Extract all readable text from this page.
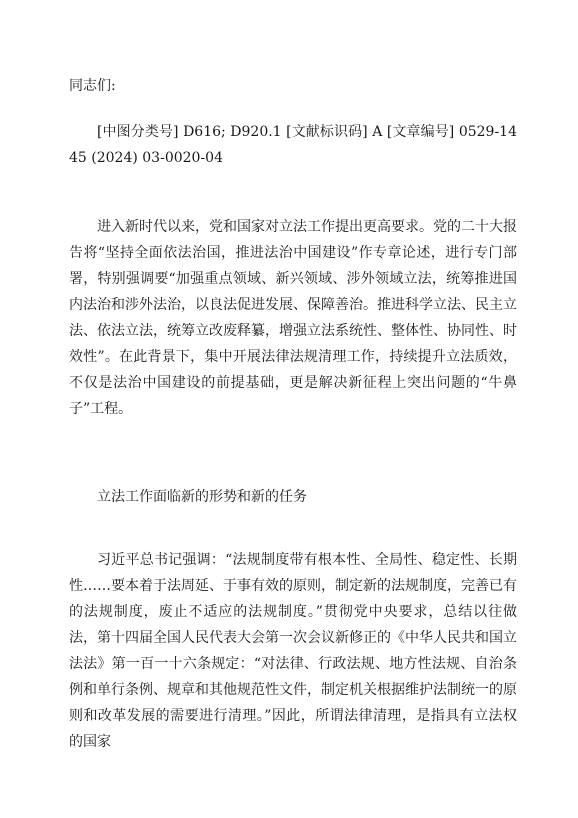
同志们:

[中图分类号] D616; D920.1 [文献标识码] A [文章编号] 0529-1445 (2024) 03-0020-04

进入新时代以来，党和国家对立法工作提出更高要求。党的二十大报告将“坚持全面依法治国，推进法治中国建设”作专章论述，进行专门部署，特别强调要“加强重点领域、新兴领域、涉外领域立法，统筹推进国内法治和涉外法治，以良法促进发展、保障善治。推进科学立法、民主立法、依法立法，统筹立改废释纂，增强立法系统性、整体性、协同性、时效性”。在此背景下，集中开展法律法规清理工作，持续提升立法质效，不仅是法治中国建设的前提基础，更是解决新征程上突出问题的“牛鼻子”工程。

立法工作面临新的形势和新的任务

习近平总书记强调：“法规制度带有根本性、全局性、稳定性、长期性……要本着于法周延、于事有效的原则，制定新的法规制度，完善已有的法规制度，废止不适应的法规制度。”贯彻党中央要求，总结以往做法，第十四届全国人民代表大会第一次会议新修正的《中华人民共和国立法法》第一百一十六条规定：“对法律、行政法规、地方性法规、自治条例和单行条例、规章和其他规范性文件，制定机关根据维护法制统一的原则和改革发展的需要进行清理。”因此，所谓法律清理，是指具有立法权的国家
